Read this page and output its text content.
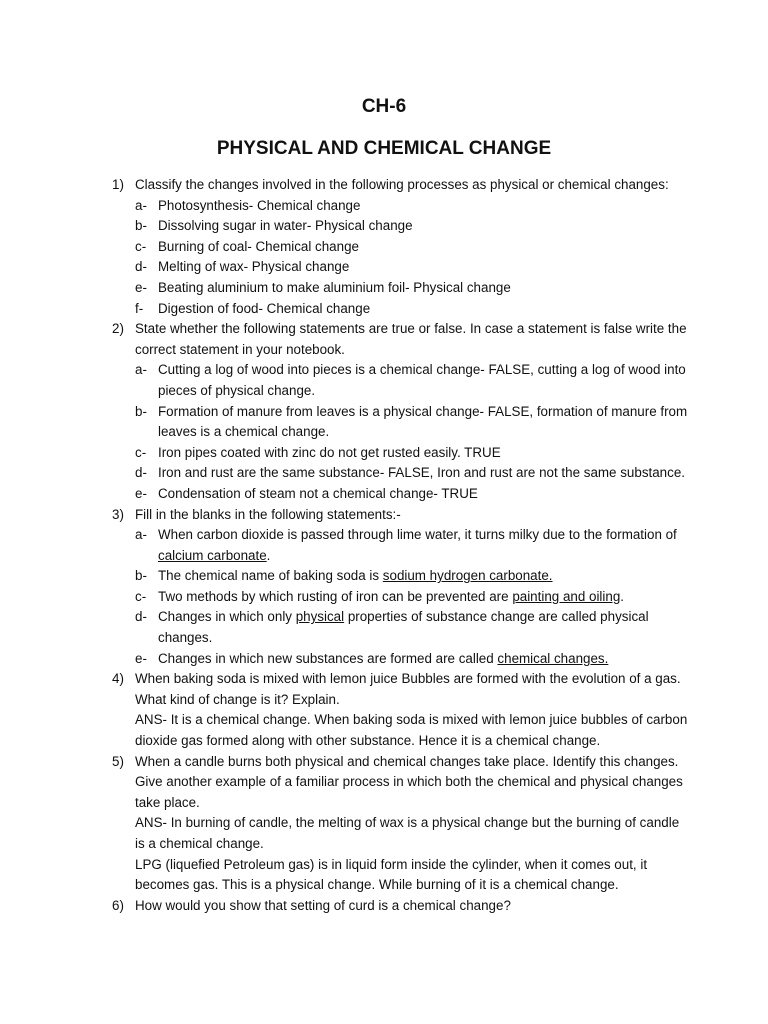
CH-6
PHYSICAL AND CHEMICAL CHANGE
1) Classify the changes involved in the following processes as physical or chemical changes:
a- Photosynthesis- Chemical change
b- Dissolving sugar in water- Physical change
c- Burning of coal- Chemical change
d- Melting of wax- Physical change
e- Beating aluminium to make aluminium foil- Physical change
f-	Digestion of food- Chemical change
2) State whether the following statements are true or false. In case a statement is false write the correct statement in your notebook.
a- Cutting a log of wood into pieces is a chemical change- FALSE, cutting a log of wood into pieces of physical change.
b- Formation of manure from leaves is a physical change- FALSE, formation of manure from leaves is a chemical change.
c- Iron pipes coated with zinc do not get rusted easily. TRUE
d- Iron and rust are the same substance- FALSE, Iron and rust are not the same substance.
e- Condensation of steam not a chemical change- TRUE
3) Fill in the blanks in the following statements:-
a- When carbon dioxide is passed through lime water, it turns milky due to the formation of calcium carbonate.
b- The chemical name of baking soda is sodium hydrogen carbonate.
c- Two methods by which rusting of iron can be prevented are painting and oiling.
d- Changes in which only physical properties of substance change are called physical changes.
e- Changes in which new substances are formed are called chemical changes.
4) When baking soda is mixed with lemon juice Bubbles are formed with the evolution of a gas. What kind of change is it? Explain.
ANS- It is a chemical change. When baking soda is mixed with lemon juice bubbles of carbon dioxide gas formed along with other substance. Hence it is a chemical change.
5) When a candle burns both physical and chemical changes take place. Identify this changes. Give another example of a familiar process in which both the chemical and physical changes take place.
ANS- In burning of candle, the melting of wax is a physical change but the burning of candle is a chemical change.
LPG (liquefied Petroleum gas) is in liquid form inside the cylinder, when it comes out, it becomes gas. This is a physical change. While burning of it is a chemical change.
6) How would you show that setting of curd is a chemical change?
